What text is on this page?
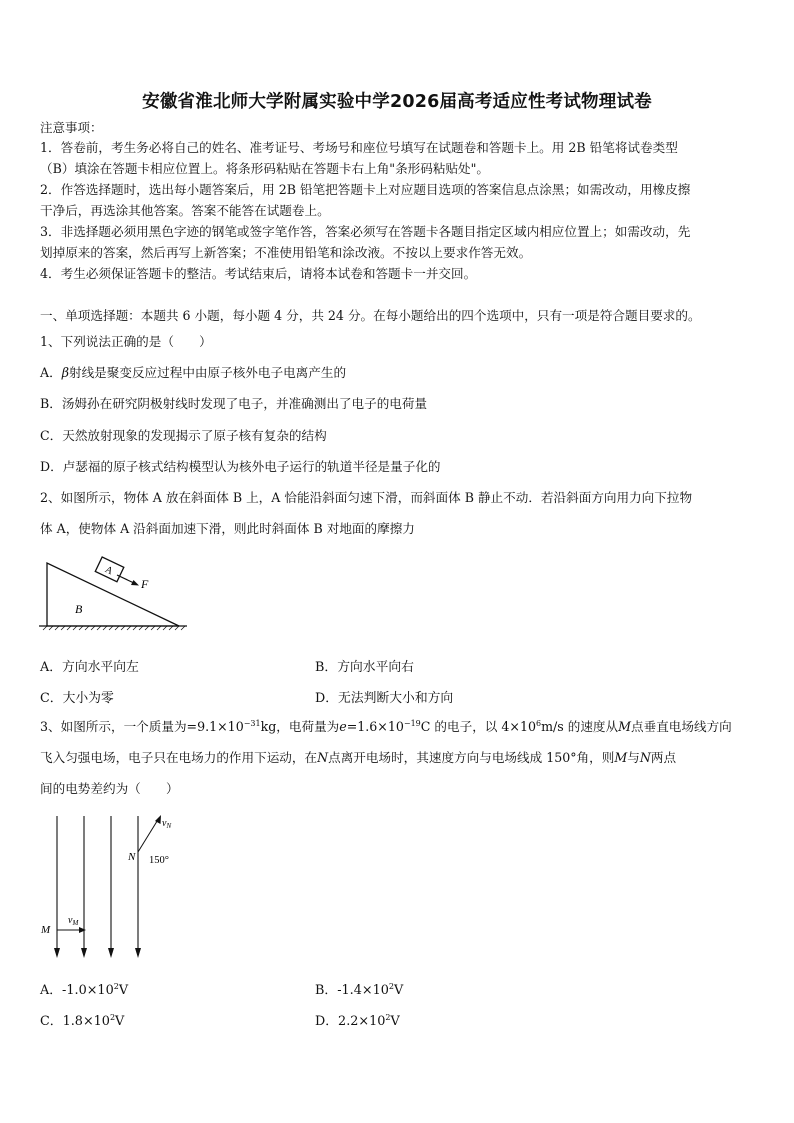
安徽省淮北师大学附属实验中学2026届高考适应性考试物理试卷
注意事项：
1．答卷前，考生务必将自己的姓名、准考证号、考场号和座位号填写在试题卷和答题卡上。用 2B 铅笔将试卷类型
（B）填涂在答题卡相应位置上。将条形码粘贴在答题卡右上角"条形码粘贴处"。
2．作答选择题时，选出每小题答案后，用 2B 铅笔把答题卡上对应题目选项的答案信息点涂黑；如需改动，用橡皮擦
干净后，再选涂其他答案。答案不能答在试题卷上。
3．非选择题必须用黑色字迹的钢笔或签字笔作答，答案必须写在答题卡各题目指定区域内相应位置上；如需改动，先
划掉原来的答案，然后再写上新答案；不准使用铅笔和涂改液。不按以上要求作答无效。
4．考生必须保证答题卡的整洁。考试结束后，请将本试卷和答题卡一并交回。
一、单项选择题：本题共 6 小题，每小题 4 分，共 24 分。在每小题给出的四个选项中，只有一项是符合题目要求的。
1、下列说法正确的是（　　）
A．β射线是聚变反应过程中由原子核外电子电离产生的
B．汤姆孙在研究阴极射线时发现了电子，并准确测出了电子的电荷量
C．天然放射现象的发现揭示了原子核有复杂的结构
D．卢瑟福的原子核式结构模型认为核外电子运行的轨道半径是量子化的
2、如图所示，物体 A 放在斜面体 B 上，A 恰能沿斜面匀速下滑，而斜面体 B 静止不动．若沿斜面方向用力向下拉物
体 A，使物体 A 沿斜面加速下滑，则此时斜面体 B 对地面的摩擦力
A
F
B
A．方向水平向左	B．方向水平向右
C．大小为零	D．无法判断大小和方向
3、如图所示，一个质量为$=9.1\times 10^{-31}kg$，电荷量为$e=1.6\times 10^{-19}C$ 的电子，以 $4\times 10^6m/s$ 的速度从M点垂直电场线方向
飞入匀强电场，电子只在电场力的作用下运动，在N点离开电场时，其速度方向与电场线成 150°角，则M与N两点
间的电势差约为（　　）
M
$v_M$
$v_N$
N 150°
A．$-1.0\times 10^2V$	B．$-1.4\times 10^2V$
C．$1.8\times 10^2V$	D．$2.2\times 10^2V$
